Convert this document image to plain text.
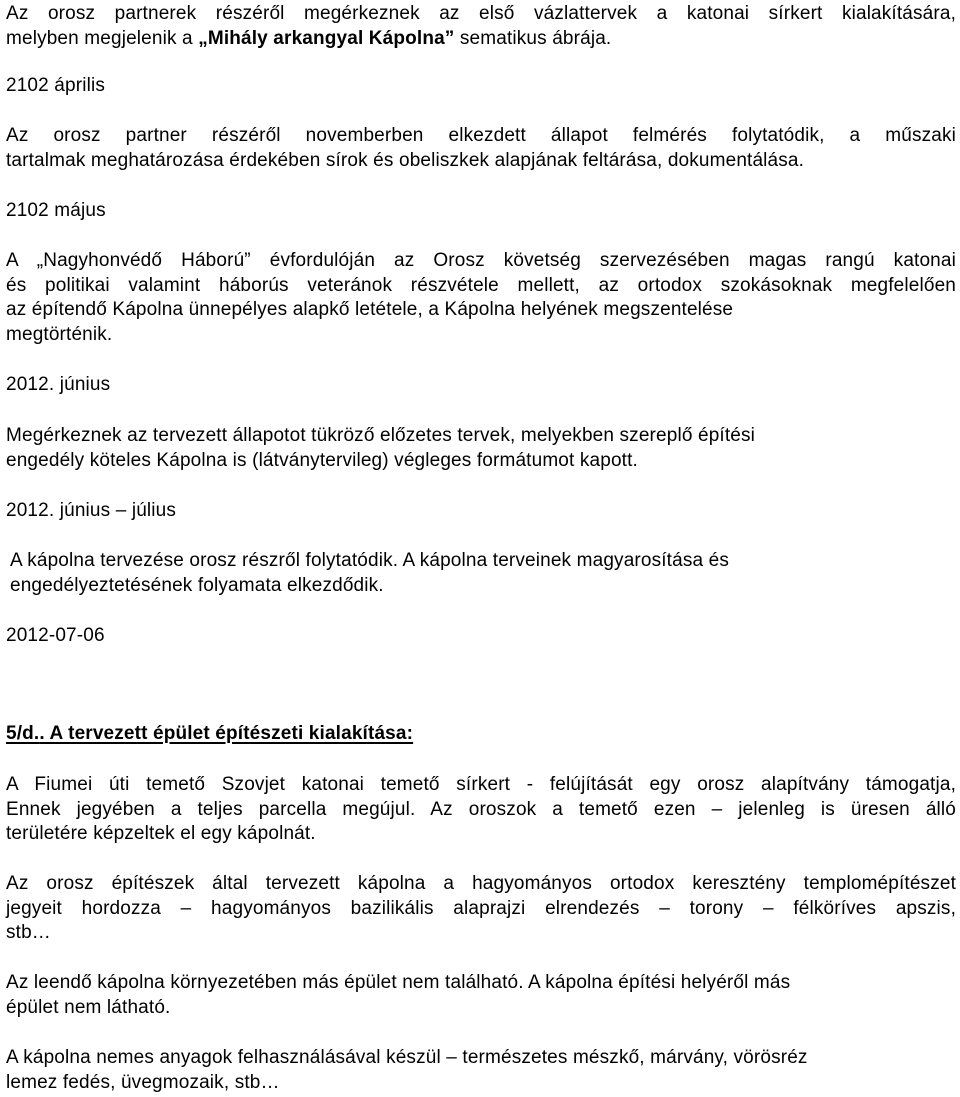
Az orosz partnerek részéről megérkeznek az első vázlattervek a katonai sírkert kialakítására,
melyben megjelenik a „Mihály arkangyal Kápolna” sematikus ábrája.
2102 április
Az orosz partner részéről novemberben elkezdett állapot felmérés folytatódik, a műszaki
tartalmak meghatározása érdekében sírok és obeliszkek alapjának feltárása, dokumentálása.
2102 május
A „Nagyhonvédő Háború” évfordulóján az Orosz követség szervezésében magas rangú katonai
és politikai valamint háborús veteránok részvétele mellett, az ortodox szokásoknak megfelelően
az építendő Kápolna ünnepélyes alapkő letétele, a Kápolna helyének megszentelése
megtörténik.
2012. június
Megérkeznek az tervezett állapotot tükröző előzetes tervek, melyekben szereplő építési
engedély köteles Kápolna is (látványtervileg) végleges formátumot kapott.
2012. június – július
A kápolna tervezése orosz részről folytatódik. A kápolna terveinek magyarosítása és
engedélyeztetésének folyamata elkezdődik.
2012-07-06
5/d.. A tervezett épület építészeti kialakítása:
A Fiumei úti temető Szovjet katonai temető sírkert - felújítását egy orosz alapítvány támogatja,
Ennek jegyében a teljes parcella megújul. Az oroszok a temető ezen – jelenleg is üresen álló
területére képzeltek el egy kápolnát.
Az orosz építészek által tervezett kápolna a hagyományos ortodox keresztény templomépítészet
jegyeit hordozza – hagyományos bazilikális alaprajzi elrendezés – torony – félköríves apszis,
stb…
Az leendő kápolna környezetében más épület nem található. A kápolna építési helyéről más
épület nem látható.
A kápolna nemes anyagok felhasználásával készül – természetes mészkő, márvány, vörösréz
lemez fedés, üvegmozaik, stb…
